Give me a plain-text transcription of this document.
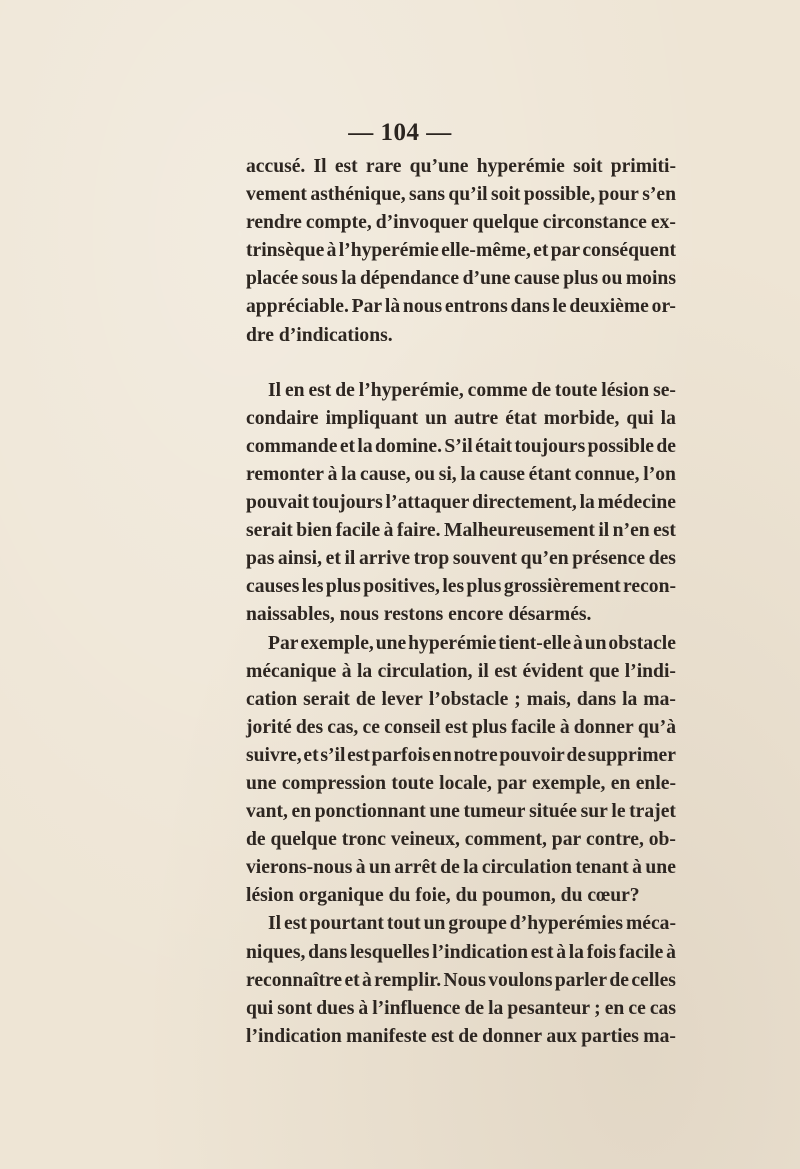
— 104 —
accusé. Il est rare qu’une hyperémie soit primiti-
vement asthénique, sans qu’il soit possible, pour s’en
rendre compte, d’invoquer quelque circonstance ex-
trinsèque à l’hyperémie elle-même, et par conséquent
placée sous la dépendance d’une cause plus ou moins
appréciable. Par là nous entrons dans le deuxième or-
dre d’indications.
Il en est de l’hyperémie, comme de toute lésion se-
condaire impliquant un autre état morbide, qui la
commande et la domine. S’il était toujours possible de
remonter à la cause, ou si, la cause étant connue, l’on
pouvait toujours l’attaquer directement, la médecine
serait bien facile à faire. Malheureusement il n’en est
pas ainsi, et il arrive trop souvent qu’en présence des
causes les plus positives, les plus grossièrement recon-
naissables, nous restons encore désarmés.
Par exemple, une hyperémie tient-elle à un obstacle
mécanique à la circulation, il est évident que l’indi-
cation serait de lever l’obstacle ; mais, dans la ma-
jorité des cas, ce conseil est plus facile à donner qu’à
suivre, et s’il est parfois en notre pouvoir de supprimer
une compression toute locale, par exemple, en enle-
vant, en ponctionnant une tumeur située sur le trajet
de quelque tronc veineux, comment, par contre, ob-
vierons-nous à un arrêt de la circulation tenant à une
lésion organique du foie, du poumon, du cœur?
Il est pourtant tout un groupe d’hyperémies méca-
niques, dans lesquelles l’indication est à la fois facile à
reconnaître et à remplir. Nous voulons parler de celles
qui sont dues à l’influence de la pesanteur ; en ce cas
l’indication manifeste est de donner aux parties ma-
